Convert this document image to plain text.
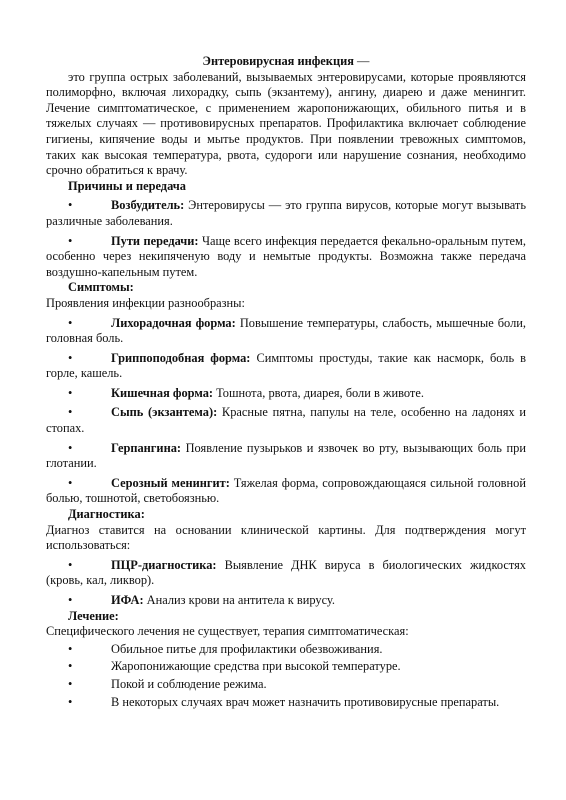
Энтеровирусная инфекция —

это группа острых заболеваний, вызываемых энтеровирусами, которые проявляются полиморфно, включая лихорадку, сыпь (экзантему), ангину, диарею и даже менингит. Лечение симптоматическое, с применением жаропонижающих, обильного питья и в тяжелых случаях — противовирусных препаратов. Профилактика включает соблюдение гигиены, кипячение воды и мытье продуктов. При появлении тревожных симптомов, таких как высокая температура, рвота, судороги или нарушение сознания, необходимо срочно обратиться к врачу.

Причины и передача

•	Возбудитель: Энтеровирусы — это группа вирусов, которые могут вызывать различные заболевания.
•	Пути передачи: Чаще всего инфекция передается фекально-оральным путем, особенно через некипяченую воду и немытые продукты. Возможна также передача воздушно-капельным путем.

Симптомы:

Проявления инфекции разнообразны:

•	Лихорадочная форма: Повышение температуры, слабость, мышечные боли, головная боль.
•	Гриппоподобная форма: Симптомы простуды, такие как насморк, боль в горле, кашель.
•	Кишечная форма: Тошнота, рвота, диарея, боли в животе.
•	Сыпь (экзантема): Красные пятна, папулы на теле, особенно на ладонях и стопах.
•	Герпангина: Появление пузырьков и язвочек во рту, вызывающих боль при глотании.
•	Серозный менингит: Тяжелая форма, сопровождающаяся сильной головной болью, тошнотой, светобоязнью.

Диагностика:

Диагноз ставится на основании клинической картины. Для подтверждения могут использоваться:

•	ПЦР-диагностика: Выявление ДНК вируса в биологических жидкостях (кровь, кал, ликвор).
•	ИФА: Анализ крови на антитела к вирусу.

Лечение:

Специфического лечения не существует, терапия симптоматическая:

•	Обильное питье для профилактики обезвоживания.
•	Жаропонижающие средства при высокой температуре.
•	Покой и соблюдение режима.
•	В некоторых случаях врач может назначить противовирусные препараты.
